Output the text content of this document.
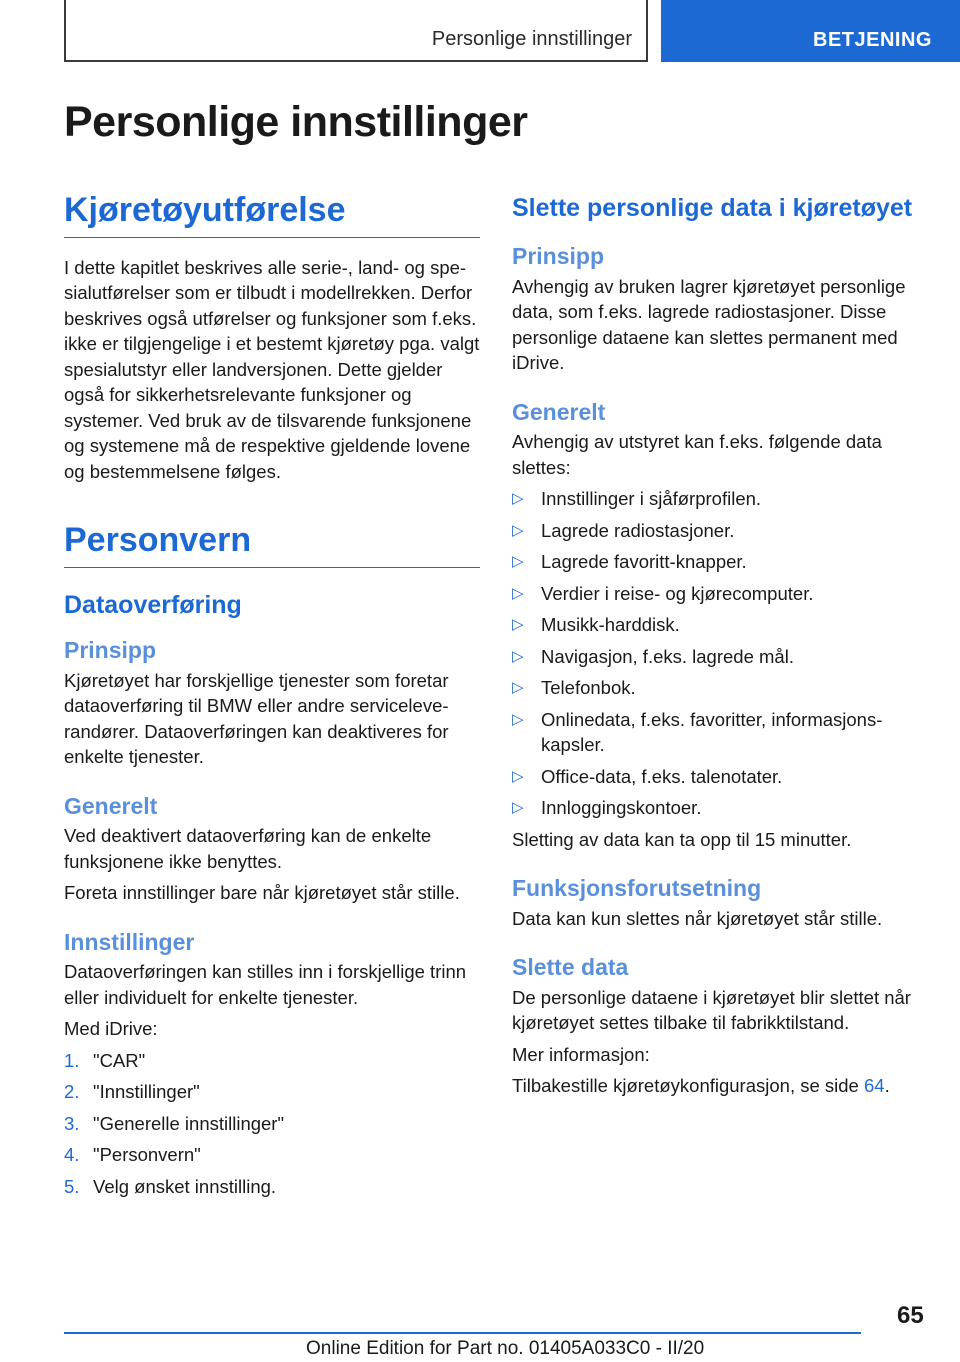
Personlige innstillinger	BETJENING
Personlige innstillinger
Kjøretøyutførelse

I dette kapitlet beskrives alle serie-, land- og spesialutførelser som er tilbudt i modellrekken. Derfor beskrives også utførelser og funksjoner som f.eks. ikke er tilgjengelige i et bestemt kjøretøy pga. valgt spesialutstyr eller landversjonen. Dette gjelder også for sikkerhetsrelevante funksjoner og systemer. Ved bruk av de tilsvarende funksjonene og systemene må de respektive gjeldende lovene og bestemmelsene følges.

Personvern
Dataoverføring
Prinsipp

Kjøretøyet har forskjellige tjenester som foretar dataoverføring til BMW eller andre serviceleverandører. Dataoverføringen kan deaktiveres for enkelte tjenester.

Generelt

Ved deaktivert dataoverføring kan de enkelte funksjonene ikke benyttes.

Foreta innstillinger bare når kjøretøyet står stille.

Innstillinger

Dataoverføringen kan stilles inn i forskjellige trinn eller individuelt for enkelte tjenester.

Med iDrive:

1. "CAR"
2. "Innstillinger"
3. "Generelle innstillinger"
4. "Personvern"
5. Velg ønsket innstilling.
Slette personlige data i kjøretøyet
Prinsipp

Avhengig av bruken lagrer kjøretøyet personlige data, som f.eks. lagrede radiostasjoner. Disse personlige dataene kan slettes permanent med iDrive.

Generelt

Avhengig av utstyret kan f.eks. følgende data slettes:

▷ Innstillinger i sjåførprofilen.
▷ Lagrede radiostasjoner.
▷ Lagrede favoritt-knapper.
▷ Verdier i reise- og kjørecomputer.
▷ Musikk-harddisk.
▷ Navigasjon, f.eks. lagrede mål.
▷ Telefonbok.
▷ Onlinedata, f.eks. favoritter, informasjonskapsler.
▷ Office-data, f.eks. talenotater.
▷ Innloggingskontoer.

Sletting av data kan ta opp til 15 minutter.

Funksjonsforutsetning

Data kan kun slettes når kjøretøyet står stille.

Slette data

De personlige dataene i kjøretøyet blir slettet når kjøretøyet settes tilbake til fabrikktilstand.

Mer informasjon:

Tilbakestille kjøretøykonfigurasjon, se side 64.

65
Online Edition for Part no. 01405A033C0 - II/20
